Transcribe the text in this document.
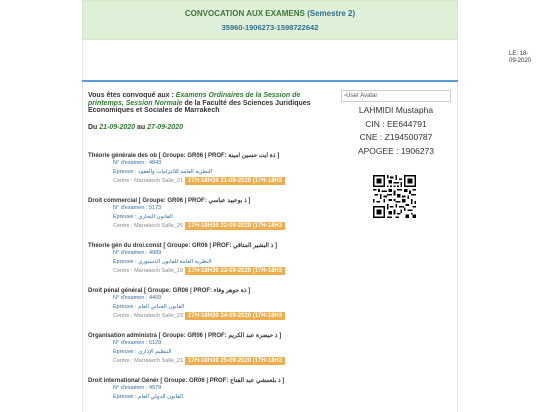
CONVOCATION AUX EXAMENS (Semestre 2)
35960-1906273-1598722642
LE: 18-09-2020
Vous êtes convoqué aux : Examens Ordinaires de la Session de printemps, Session Normale de la Faculté des Sciences Juridiques Economiques et Sociales de Marrakech
Du 21-09-2020 au 27-09-2020
Théorie générale des ob [ Groupe: GR06 | PROF: ذة ايت حسين امينة ]
N° d'examen : 4843
Epreuve : النظرية العامة للالتزامات والعقود
Centre : Marrakech Salle_21 17H-18H30 21-09-2020 (17H-18H3
Droit commercial [ Groupe: GR06 | PROF: ذ بوعبيد عباسي ]
N° d'examen : 5173
Epreuve : القانون التجاري
Centre : Marrakech Salle_25 17H-18H30 22-09-2020 (17H-18H3
Théorie gén du droi.const [ Groupe: GR06 | PROF: ذ البشير المتاقي ]
N° d'examen : 4989
Epreuve : النظرية العامة للقانون الدستوري
Centre : Marrakech Salle_19 17H-18H30 23-09-2020 (17H-18H3
Droit pénal général [ Groupe: GR06 | PROF: ذة جوهر وفاء ]
N° d'examen : 4409
Epreuve : القانون الجنائي العام
Centre : Marrakech Salle_23 17H-18H30 24-09-2020 (17H-18H3
Organisation administra [ Groupe: GR06 | PROF: ذ حيضرة عبد الكريم ]
N° d'examen : 5129
Epreuve : التنظيم الإداري
Centre : Marrakech Salle_21 17H-18H30 25-09-2020 (17H-18H3
Droit international Génér [ Groupe: GR06 | PROF: ذ بلعمشي عبد الفتاح ]
N° d'examen : 4979
Epreuve : القانون الدولي العام
▫User Avatar
LAHMIDI Mustapha
CIN : EE644791
CNE : Z194500787
APOGEE : 1906273
